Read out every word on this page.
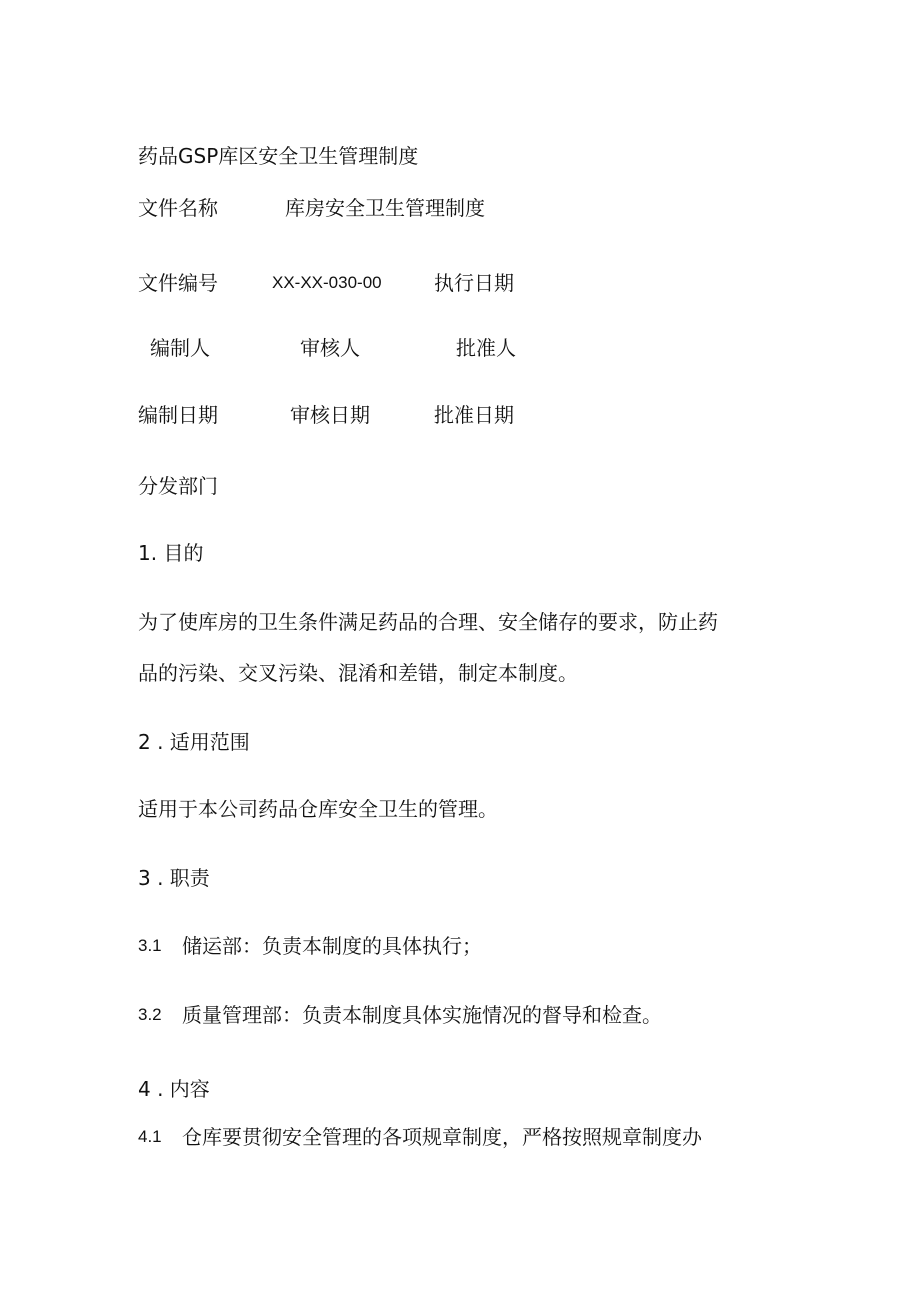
药品GSP库区安全卫生管理制度
文件名称	库房安全卫生管理制度
文件编号	XX-XX-030-00	执行日期
编制人	审核人	批准人
编制日期	审核日期	批准日期
分发部门
1. 目的
为了使库房的卫生条件满足药品的合理、安全储存的要求，防止药
品的污染、交叉污染、混淆和差错，制定本制度。
2 . 适用范围
适用于本公司药品仓库安全卫生的管理。
3 . 职责
3.1 储运部：负责本制度的具体执行；
3.2 质量管理部：负责本制度具体实施情况的督导和检查。
4 . 内容
4.1 仓库要贯彻安全管理的各项规章制度，严格按照规章制度办
